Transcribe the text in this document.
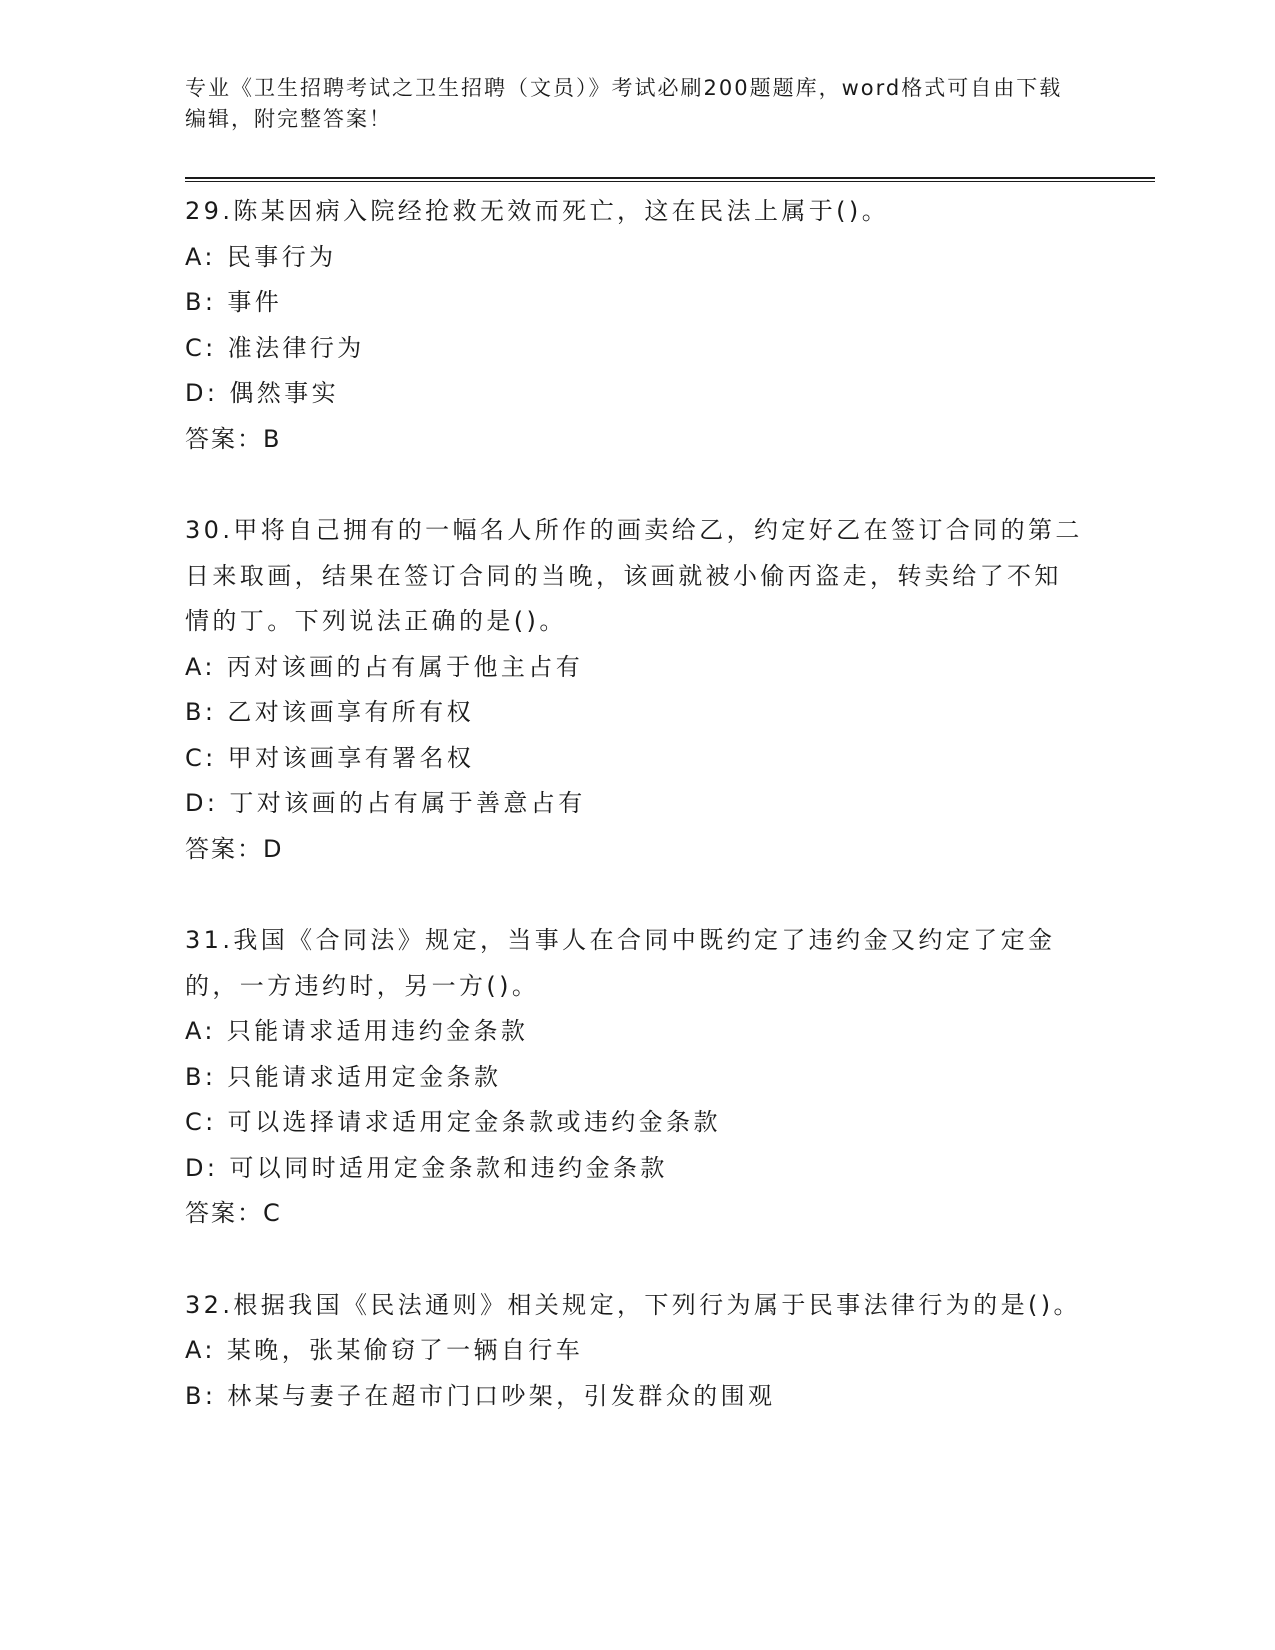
专业《卫生招聘考试之卫生招聘（文员）》考试必刷200题题库，word格式可自由下载编辑，附完整答案！

29.陈某因病入院经抢救无效而死亡，这在民法上属于()。

A: 民事行为

B: 事件

C: 准法律行为

D: 偶然事实

答案：B

30.甲将自己拥有的一幅名人所作的画卖给乙，约定好乙在签订合同的第二日来取画，结果在签订合同的当晚，该画就被小偷丙盗走，转卖给了不知情的丁。下列说法正确的是()。

A: 丙对该画的占有属于他主占有

B: 乙对该画享有所有权

C: 甲对该画享有署名权

D: 丁对该画的占有属于善意占有

答案：D

31.我国《合同法》规定，当事人在合同中既约定了违约金又约定了定金的，一方违约时，另一方()。

A: 只能请求适用违约金条款

B: 只能请求适用定金条款

C: 可以选择请求适用定金条款或违约金条款

D: 可以同时适用定金条款和违约金条款

答案：C

32.根据我国《民法通则》相关规定，下列行为属于民事法律行为的是()。

A: 某晚，张某偷窃了一辆自行车

B: 林某与妻子在超市门口吵架，引发群众的围观
